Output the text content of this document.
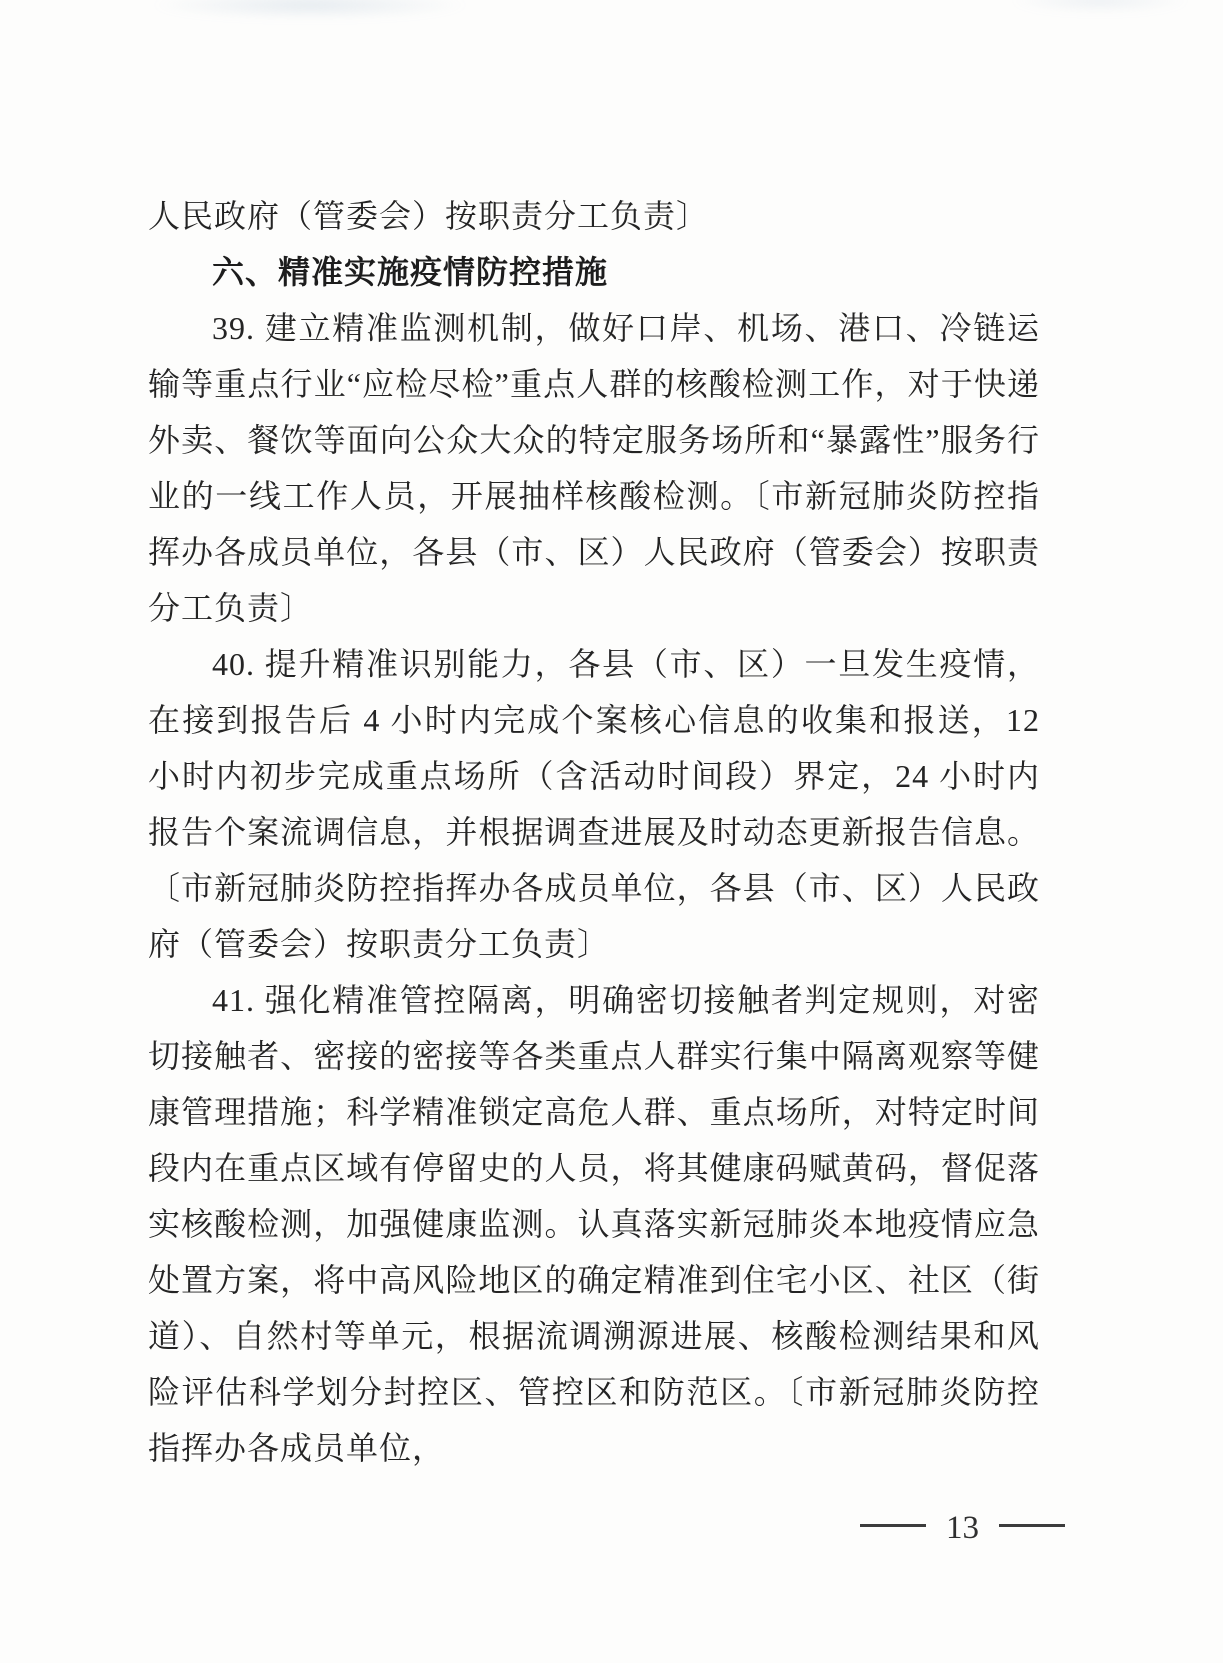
人民政府（管委会）按职责分工负责〕

六、精准实施疫情防控措施

39. 建立精准监测机制，做好口岸、机场、港口、冷链运输等重点行业“应检尽检”重点人群的核酸检测工作，对于快递外卖、餐饮等面向公众大众的特定服务场所和“暴露性”服务行业的一线工作人员，开展抽样核酸检测。〔市新冠肺炎防控指挥办各成员单位，各县（市、区）人民政府（管委会）按职责分工负责〕

40. 提升精准识别能力，各县（市、区）一旦发生疫情，在接到报告后 4 小时内完成个案核心信息的收集和报送，12 小时内初步完成重点场所（含活动时间段）界定，24 小时内报告个案流调信息，并根据调查进展及时动态更新报告信息。〔市新冠肺炎防控指挥办各成员单位，各县（市、区）人民政府（管委会）按职责分工负责〕

41. 强化精准管控隔离，明确密切接触者判定规则，对密切接触者、密接的密接等各类重点人群实行集中隔离观察等健康管理措施；科学精准锁定高危人群、重点场所，对特定时间段内在重点区域有停留史的人员，将其健康码赋黄码，督促落实核酸检测，加强健康监测。认真落实新冠肺炎本地疫情应急处置方案，将中高风险地区的确定精准到住宅小区、社区（街道）、自然村等单元，根据流调溯源进展、核酸检测结果和风险评估科学划分封控区、管控区和防范区。〔市新冠肺炎防控指挥办各成员单位，

13
